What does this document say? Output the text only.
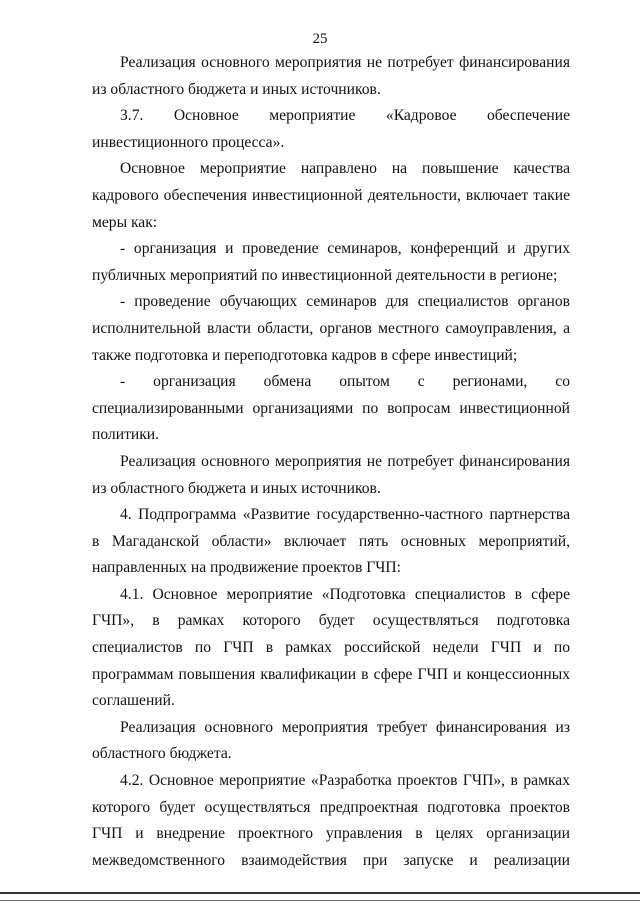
25

Реализация основного мероприятия не потребует финансирования из областного бюджета и иных источников.

3.7. Основное мероприятие «Кадровое обеспечение инвестиционного процесса».

Основное мероприятие направлено на повышение качества кадрового обеспечения инвестиционной деятельности, включает такие меры как:

- организация и проведение семинаров, конференций и других публичных мероприятий по инвестиционной деятельности в регионе;

- проведение обучающих семинаров для специалистов органов исполнительной власти области, органов местного самоуправления, а также подготовка и переподготовка кадров в сфере инвестиций;

- организация обмена опытом с регионами, со специализированными организациями по вопросам инвестиционной политики.

Реализация основного мероприятия не потребует финансирования из областного бюджета и иных источников.

4. Подпрограмма «Развитие государственно-частного партнерства в Магаданской области» включает пять основных мероприятий, направленных на продвижение проектов ГЧП:

4.1. Основное мероприятие «Подготовка специалистов в сфере ГЧП», в рамках которого будет осуществляться подготовка специалистов по ГЧП в рамках российской недели ГЧП и по программам повышения квалификации в сфере ГЧП и концессионных соглашений.

Реализация основного мероприятия требует финансирования из областного бюджета.

4.2. Основное мероприятие «Разработка проектов ГЧП», в рамках которого будет осуществляться предпроектная подготовка проектов ГЧП и внедрение проектного управления в целях организации межведомственного взаимодействия при запуске и реализации
